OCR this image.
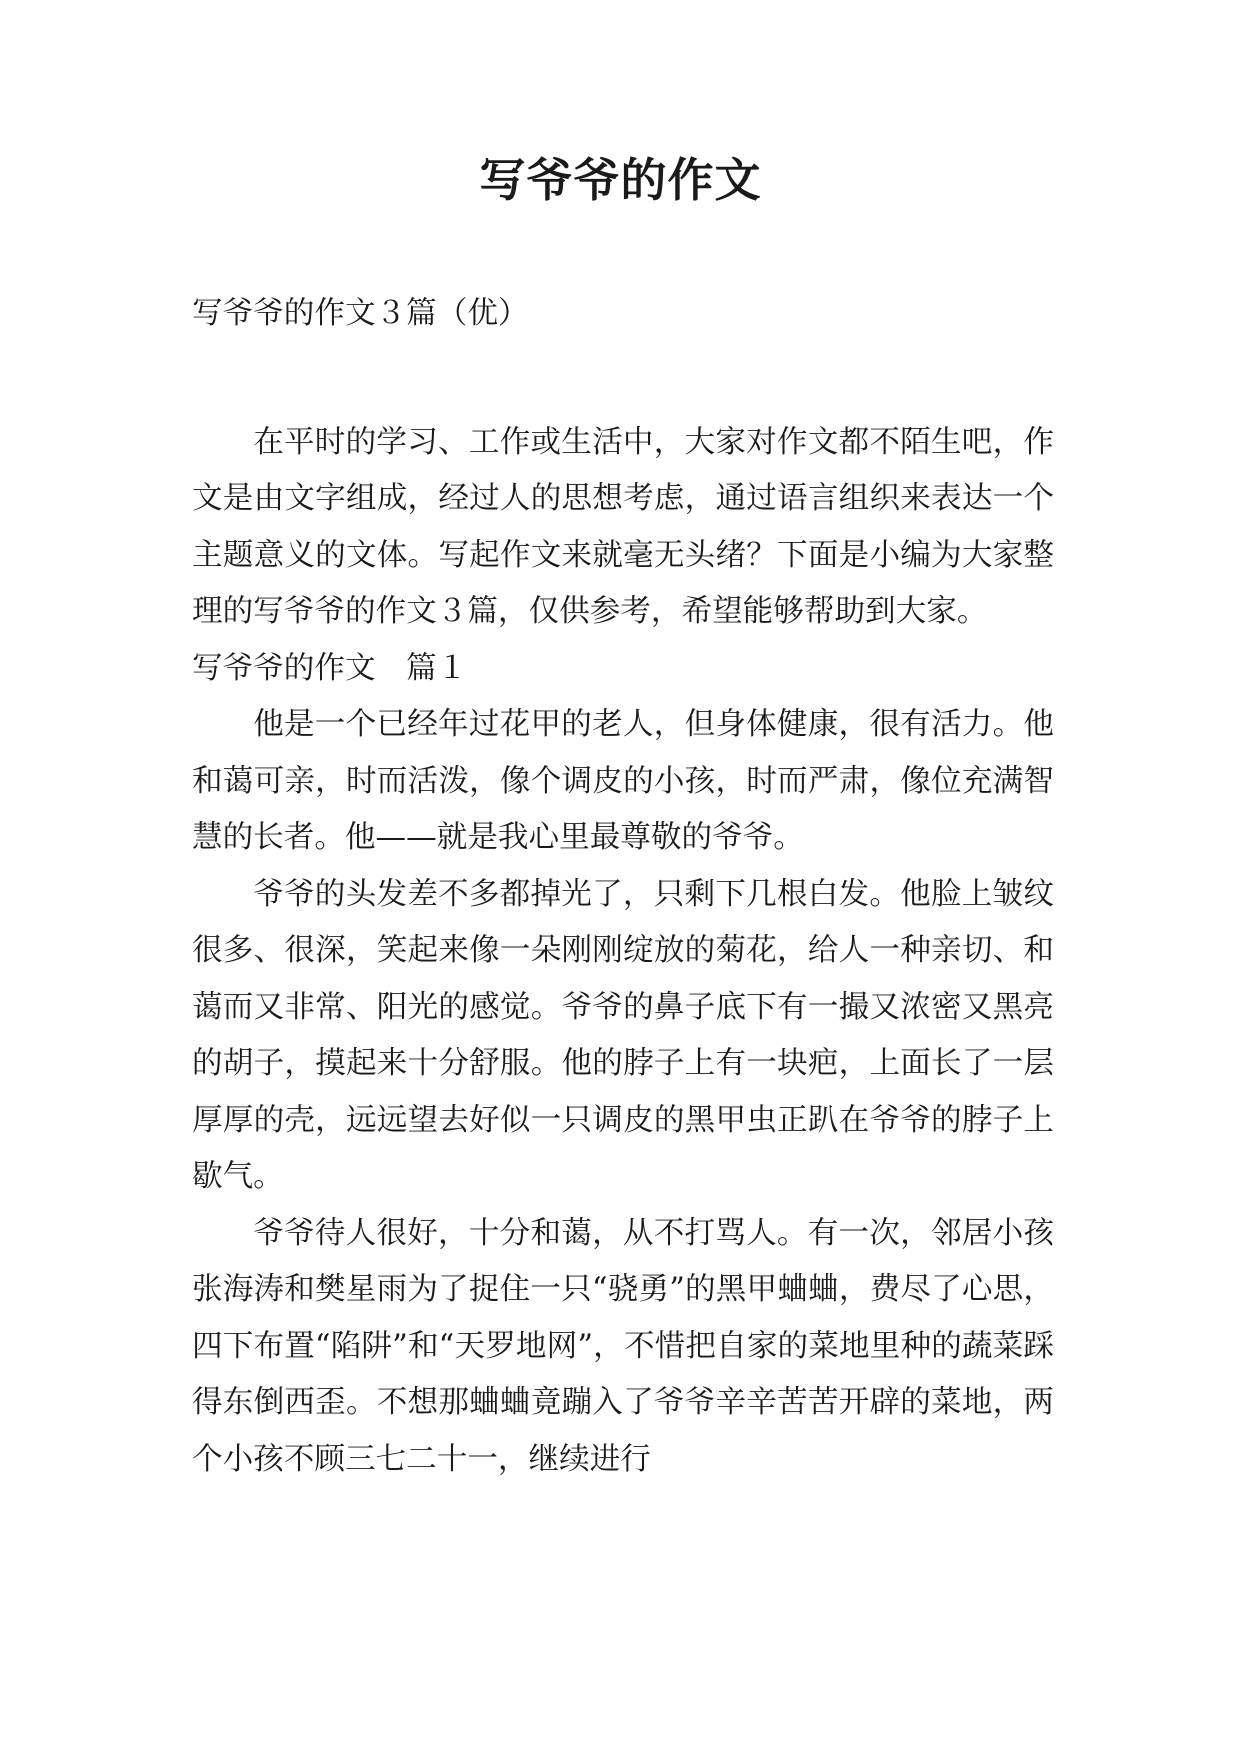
写爷爷的作文

写爷爷的作文３篇（优）

在平时的学习、工作或生活中，大家对作文都不陌生吧，作文是由文字组成，经过人的思想考虑，通过语言组织来表达一个主题意义的文体。写起作文来就毫无头绪？下面是小编为大家整理的写爷爷的作文３篇，仅供参考，希望能够帮助到大家。

写爷爷的作文　篇１

他是一个已经年过花甲的老人，但身体健康，很有活力。他和蔼可亲，时而活泼，像个调皮的小孩，时而严肃，像位充满智慧的长者。他——就是我心里最尊敬的爷爷。

爷爷的头发差不多都掉光了，只剩下几根白发。他脸上皱纹很多、很深，笑起来像一朵刚刚绽放的菊花，给人一种亲切、和蔼而又非常、阳光的感觉。爷爷的鼻子底下有一撮又浓密又黑亮的胡子，摸起来十分舒服。他的脖子上有一块疤，上面长了一层厚厚的壳，远远望去好似一只调皮的黑甲虫正趴在爷爷的脖子上歇气。

爷爷待人很好，十分和蔼，从不打骂人。有一次，邻居小孩张海涛和樊星雨为了捉住一只“骁勇”的黑甲蛐蛐，费尽了心思，四下布置“陷阱”和“天罗地网”，不惜把自家的菜地里种的蔬菜踩得东倒西歪。不想那蛐蛐竟蹦入了爷爷辛辛苦苦开辟的菜地，两个小孩不顾三七二十一，继续进行
